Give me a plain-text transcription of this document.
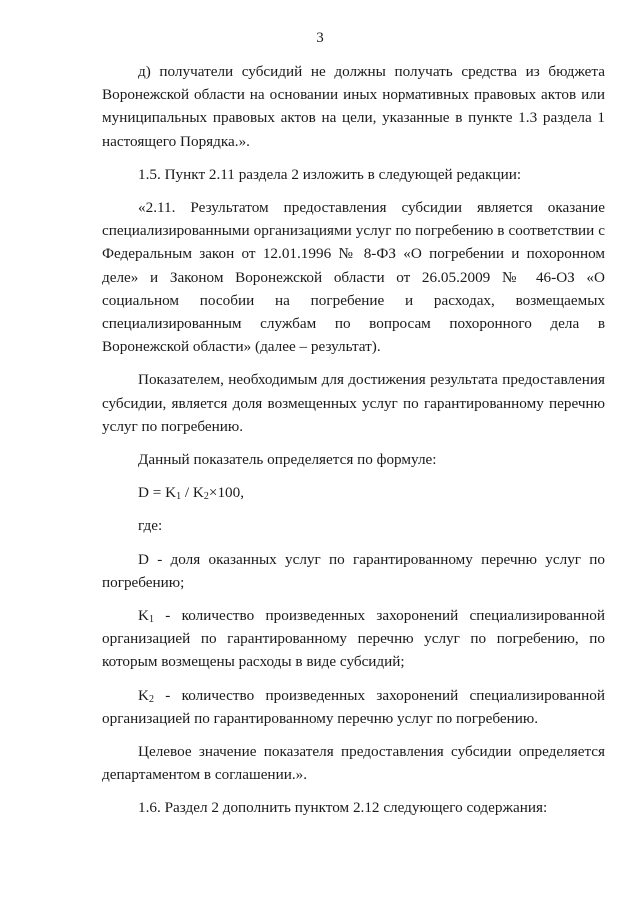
3

д) получатели субсидий не должны получать средства из бюджета Воронежской области на основании иных нормативных правовых актов или муниципальных правовых актов на цели, указанные в пункте 1.3 раздела 1 настоящего Порядка.».

1.5. Пункт 2.11 раздела 2 изложить в следующей редакции:

«2.11. Результатом предоставления субсидии является оказание специализированными организациями услуг по погребению в соответствии с Федеральным закон от 12.01.1996 № 8-ФЗ «О погребении и похоронном деле» и Законом Воронежской области от 26.05.2009 № 46-ОЗ «О социальном пособии на погребение и расходах, возмещаемых специализированным службам по вопросам похоронного дела в Воронежской области» (далее – результат).

Показателем, необходимым для достижения результата предоставления субсидии, является доля возмещенных услуг по гарантированному перечню услуг по погребению.

Данный показатель определяется по формуле:

$D = K_1 / K_2\times 100$,

где:

D - доля оказанных услуг по гарантированному перечню услуг по погребению;

$K_1$ - количество произведенных захоронений специализированной организацией по гарантированному перечню услуг по погребению, по которым возмещены расходы в виде субсидий;

$K_2$ - количество произведенных захоронений специализированной организацией по гарантированному перечню услуг по погребению.

Целевое значение показателя предоставления субсидии определяется департаментом в соглашении.».

1.6. Раздел 2 дополнить пунктом 2.12 следующего содержания:
